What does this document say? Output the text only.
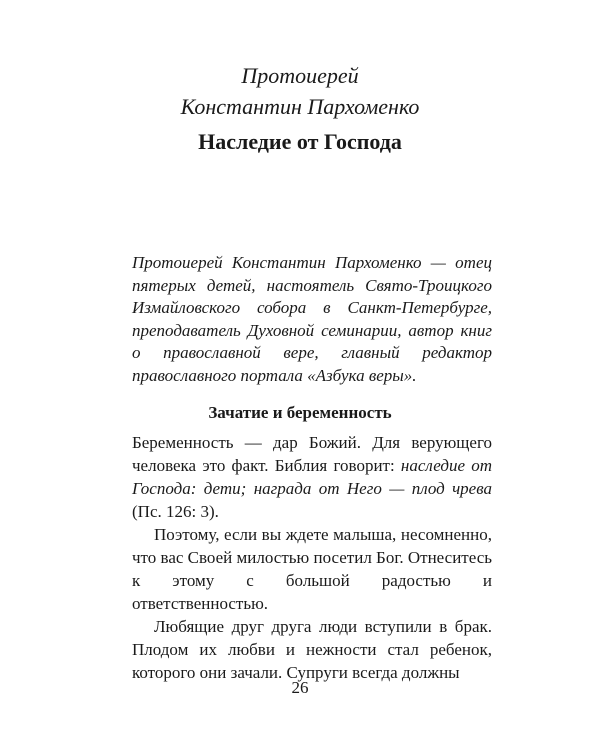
Протоиерей
Константин Пархоменко
Наследие от Господа

Протоиерей Константин Пархоменко — отец пятерых детей, настоятель Свято-Троицкого Измайловского собора в Санкт-Петербурге, преподаватель Духовной семинарии, автор книг о православной вере, главный редактор православного портала «Азбука веры».

Зачатие и беременность

Беременность — дар Божий. Для верующего человека это факт. Библия говорит: наследие от Господа: дети; награда от Него — плод чрева (Пс. 126: 3).

Поэтому, если вы ждете малыша, несомненно, что вас Своей милостью посетил Бог. Отнеситесь к этому с большой радостью и ответственностью.

Любящие друг друга люди вступили в брак. Плодом их любви и нежности стал ребенок, которого они зачали. Супруги всегда должны

26
